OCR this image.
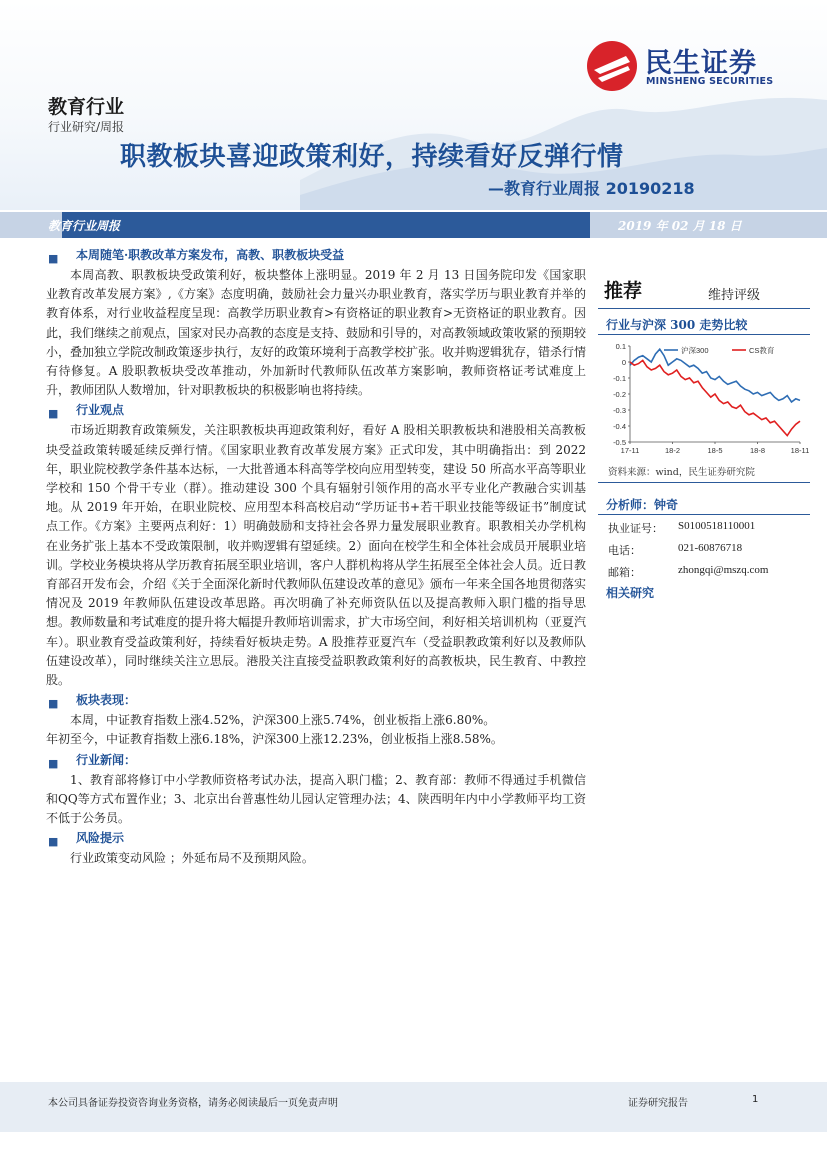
民生证券
MINSHENG SECURITIES
教育行业
行业研究/周报
职教板块喜迎政策利好，持续看好反弹行情
—教育行业周报 20190218
教育行业周报	2019 年 02 月 18 日
■ 本周随笔·职教改革方案发布，高教、职教板块受益

本周高教、职教板块受政策利好，板块整体上涨明显。2019 年 2 月 13 日国务院印发《国家职业教育改革发展方案》,《方案》态度明确，鼓励社会力量兴办职业教育，落实学历与职业教育并举的教育体系，对行业收益程度呈现：高教学历职业教育>有资格证的职业教育>无资格证的职业教育。因此，我们继续之前观点，国家对民办高教的态度是支持、鼓励和引导的，对高教领域政策收紧的预期较小，叠加独立学院改制政策逐步执行，友好的政策环境利于高教学校扩张。收并购逻辑犹存，错杀行情有待修复。A 股职教板块受改革推动，外加新时代教师队伍改革方案影响，教师资格证考试难度上升，教师团队人数增加，针对职教板块的积极影响也将持续。

■ 行业观点

市场近期教育政策频发，关注职教板块再迎政策利好，看好 A 股相关职教板块和港股相关高教板块受益政策转暖延续反弹行情。《国家职业教育改革发展方案》正式印发，其中明确指出：到 2022 年，职业院校教学条件基本达标，一大批普通本科高等学校向应用型转变，建设 50 所高水平高等职业学校和 150 个骨干专业（群）。推动建设 300 个具有辐射引领作用的高水平专业化产教融合实训基地。从 2019 年开始，在职业院校、应用型本科高校启动“学历证书+若干职业技能等级证书”制度试点工作。《方案》主要两点利好：1）明确鼓励和支持社会各界力量发展职业教育。职教相关办学机构在业务扩张上基本不受政策限制，收并购逻辑有望延续。2）面向在校学生和全体社会成员开展职业培训。学校业务模块将从学历教育拓展至职业培训，客户人群机构将从学生拓展至全体社会人员。近日教育部召开发布会，介绍《关于全面深化新时代教师队伍建设改革的意见》颁布一年来全国各地贯彻落实情况及 2019 年教师队伍建设改革思路。再次明确了补充师资队伍以及提高教师入职门槛的指导思想。教师数量和考试难度的提升将大幅提升教师培训需求，扩大市场空间，利好相关培训机构（亚夏汽车）。职业教育受益政策利好，持续看好板块走势。A 股推荐亚夏汽车（受益职教政策利好以及教师队伍建设改革），同时继续关注立思辰。港股关注直接受益职教政策利好的高教板块，民生教育、中教控股。

■ 板块表现：

本周，中证教育指数上涨4.52%，沪深300上涨5.74%，创业板指上涨6.80%。

年初至今，中证教育指数上涨6.18%，沪深300上涨12.23%，创业板指上涨8.58%。

■ 行业新闻：

1、教育部将修订中小学教师资格考试办法，提高入职门槛；2、教育部：教师不得通过手机微信和QQ等方式布置作业；3、北京出台普惠性幼儿园认定管理办法；4、陕西明年内中小学教师平均工资不低于公务员。

■ 风险提示

行业政策变动风险 ；外延布局不及预期风险。

推荐	维持评级
行业与沪深 300 走势比较
0.1
0
-0.1
-0.2
-0.3
-0.4
-0.5
17-11	18-2	18-5	18-8	18-11
沪深300	CS教育
资料来源：wind，民生证券研究院
分析师：钟奇
执业证号： S0100518110001
电话：	021-60876718
邮箱：	zhongqi@mszq.com
相关研究
本公司具备证券投资咨询业务资格，请务必阅读最后一页免责声明	证券研究报告	1
